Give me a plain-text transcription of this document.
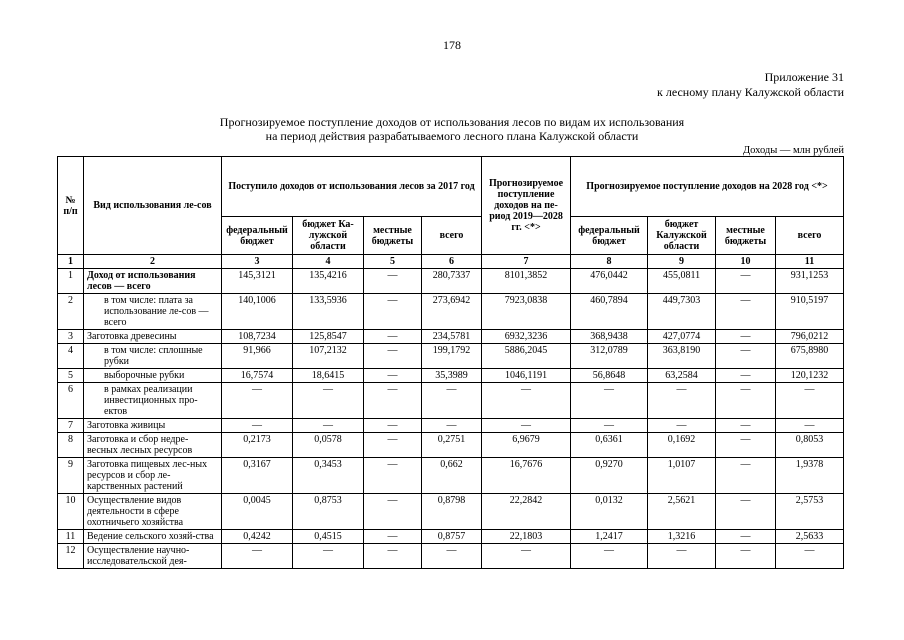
178
Приложение 31
к лесному плану Калужской области
Прогнозируемое поступление доходов от использования лесов по видам их использования
на период действия разрабатываемого лесного плана Калужской области
Доходы — млн рублей
№ п/п	Вид использования ле-сов	Поступило доходов от использования лесов за 2017 год				Прогнозируемое поступление доходов на пе-риод 2019—2028 гг. <*>	Прогнозируемое поступление доходов на 2028 год <*>			
		федеральный бюджет	бюджет Ка-лужской области	местные бюджеты	всего		федеральный бюджет	бюджет Калужской области	местные бюджеты	всего
1	2	3	4	5	6	7	8	9	10	11
1	Доход от использования лесов — всего	145,3121	135,4216	—	280,7337	8101,3852	476,0442	455,0811	—	931,1253
2	в том числе: плата за использование ле-сов — всего	140,1006	133,5936	—	273,6942	7923,0838	460,7894	449,7303	—	910,5197
3	Заготовка древесины	108,7234	125,8547	—	234,5781	6932,3236	368,9438	427,0774	—	796,0212
4	в том числе: сплошные рубки	91,966	107,2132	—	199,1792	5886,2045	312,0789	363,8190	—	675,8980
5	выборочные рубки	16,7574	18,6415	—	35,3989	1046,1191	56,8648	63,2584	—	120,1232
6	в рамках реализации инвестиционных про-ектов	—	—	—	—	—	—	—	—	—
7	Заготовка живицы	—	—	—	—	—	—	—	—	—
8	Заготовка и сбор недре-весных лесных ресурсов	0,2173	0,0578	—	0,2751	6,9679	0,6361	0,1692	—	0,8053
9	Заготовка пищевых лес-ных ресурсов и сбор ле-карственных растений	0,3167	0,3453	—	0,662	16,7676	0,9270	1,0107	—	1,9378
10	Осуществление видов деятельности в сфере охотничьего хозяйства	0,0045	0,8753	—	0,8798	22,2842	0,0132	2,5621	—	2,5753
11	Ведение сельского хозяй-ства	0,4242	0,4515	—	0,8757	22,1803	1,2417	1,3216	—	2,5633
12	Осуществление научно-исследовательской дея-	—	—	—	—	—	—	—	—	—
